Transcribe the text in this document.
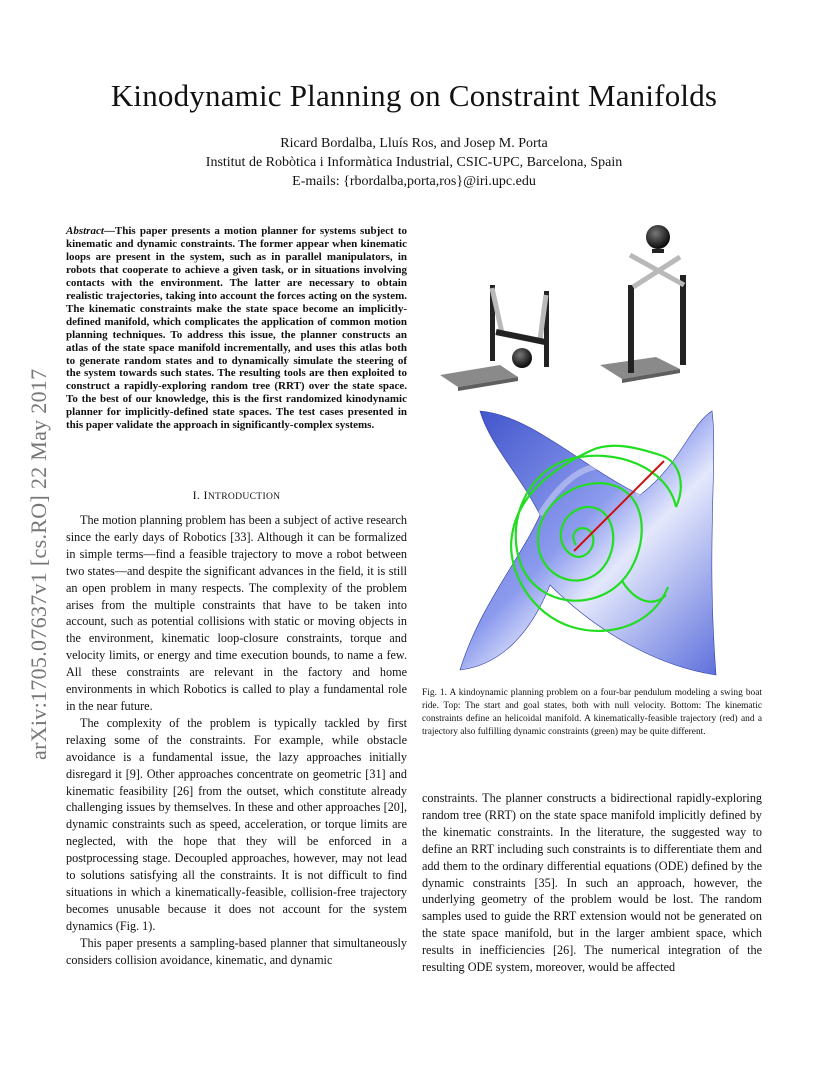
arXiv:1705.07637v1 [cs.RO] 22 May 2017
Kinodynamic Planning on Constraint Manifolds
Ricard Bordalba, Lluís Ros, and Josep M. Porta
Institut de Robòtica i Informàtica Industrial, CSIC-UPC, Barcelona, Spain
E-mails: {rbordalba,porta,ros}@iri.upc.edu
Abstract—This paper presents a motion planner for systems subject to kinematic and dynamic constraints. The former appear when kinematic loops are present in the system, such as in parallel manipulators, in robots that cooperate to achieve a given task, or in situations involving contacts with the environment. The latter are necessary to obtain realistic trajectories, taking into account the forces acting on the system. The kinematic constraints make the state space become an implicitly-defined manifold, which complicates the application of common motion planning techniques. To address this issue, the planner constructs an atlas of the state space manifold incrementally, and uses this atlas both to generate random states and to dynamically simulate the steering of the system towards such states. The resulting tools are then exploited to construct a rapidly-exploring random tree (RRT) over the state space. To the best of our knowledge, this is the first randomized kinodynamic planner for implicitly-defined state spaces. The test cases presented in this paper validate the approach in significantly-complex systems.
I. INTRODUCTION

The motion planning problem has been a subject of active research since the early days of Robotics [33]. Although it can be formalized in simple terms—find a feasible trajectory to move a robot between two states—and despite the significant advances in the field, it is still an open problem in many respects. The complexity of the problem arises from the multiple constraints that have to be taken into account, such as potential collisions with static or moving objects in the environment, kinematic loop-closure constraints, torque and velocity limits, or energy and time execution bounds, to name a few. All these constraints are relevant in the factory and home environments in which Robotics is called to play a fundamental role in the near future.

The complexity of the problem is typically tackled by first relaxing some of the constraints. For example, while obstacle avoidance is a fundamental issue, the lazy approaches initially disregard it [9]. Other approaches concentrate on geometric [31] and kinematic feasibility [26] from the outset, which constitute already challenging issues by themselves. In these and other approaches [20], dynamic constraints such as speed, acceleration, or torque limits are neglected, with the hope that they will be enforced in a postprocessing stage. Decoupled approaches, however, may not lead to solutions satisfying all the constraints. It is not difficult to find situations in which a kinematically-feasible, collision-free trajectory becomes unusable because it does not account for the system dynamics (Fig. 1).

This paper presents a sampling-based planner that simultaneously considers collision avoidance, kinematic, and dynamic

Fig. 1. A kindoynamic planning problem on a four-bar pendulum modeling a swing boat ride. Top: The start and goal states, both with null velocity. Bottom: The kinematic constraints define an helicoidal manifold. A kinematically-feasible trajectory (red) and a trajectory also fulfilling dynamic constraints (green) may be quite different.

constraints. The planner constructs a bidirectional rapidly-exploring random tree (RRT) on the state space manifold implicitly defined by the kinematic constraints. In the literature, the suggested way to define an RRT including such constraints is to differentiate them and add them to the ordinary differential equations (ODE) defined by the dynamic constraints [35]. In such an approach, however, the underlying geometry of the problem would be lost. The random samples used to guide the RRT extension would not be generated on the state space manifold, but in the larger ambient space, which results in inefficiencies [26]. The numerical integration of the resulting ODE system, moreover, would be affected
